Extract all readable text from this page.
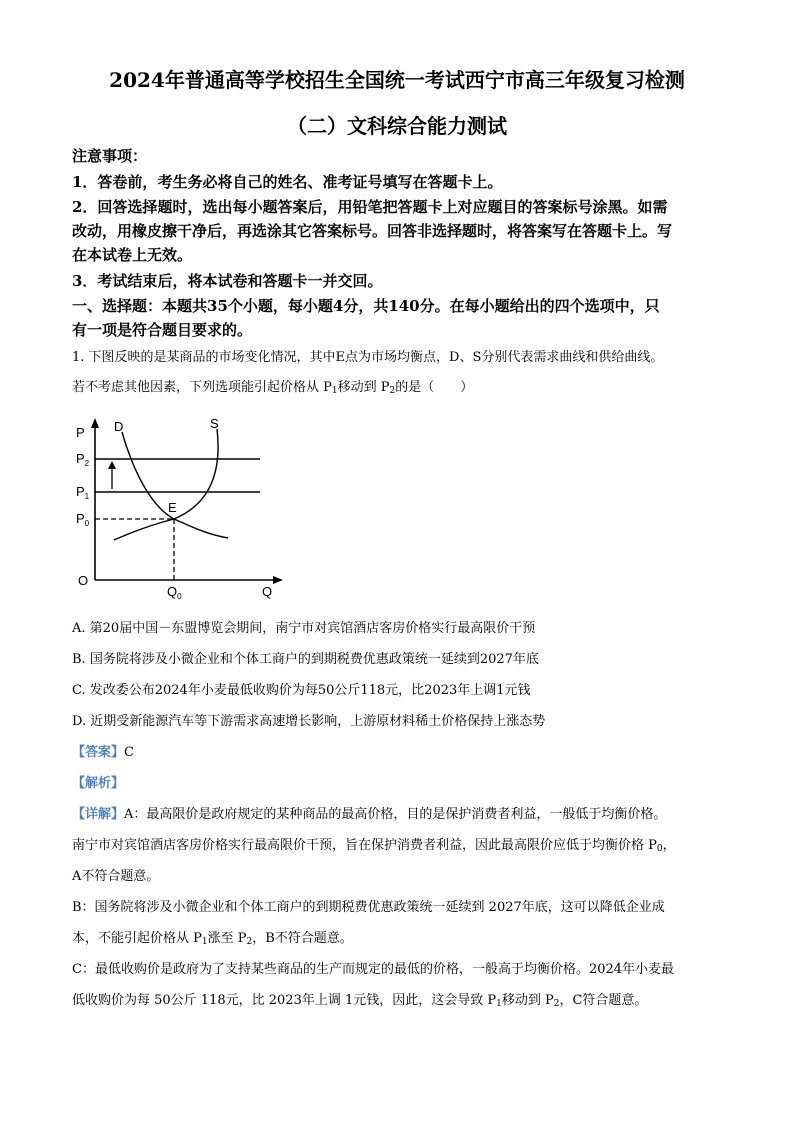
2024年普通高等学校招生全国统一考试西宁市高三年级复习检测
（二）文科综合能力测试

注意事项：

1．答卷前，考生务必将自己的姓名、准考证号填写在答题卡上。

2．回答选择题时，选出每小题答案后，用铅笔把答题卡上对应题目的答案标号涂黑。如需

改动，用橡皮擦干净后，再选涂其它答案标号。回答非选择题时，将答案写在答题卡上。写

在本试卷上无效。

3．考试结束后，将本试卷和答题卡一并交回。

一、选择题：本题共35个小题，每小题4分，共140分。在每小题给出的四个选项中，只

有一项是符合题目要求的。

1. 下图反映的是某商品的市场变化情况，其中E点为市场均衡点，D、S分别代表需求曲线和供给曲线。

若不考虑其他因素，下列选项能引起价格从 $P_1$移动到 $P_2$的是（　　）

P D	S
$P_2$
$P_1$
$P_0$
E
O
$Q_0$	Q

A. 第20届中国－东盟博览会期间，南宁市对宾馆酒店客房价格实行最高限价干预

B. 国务院将涉及小微企业和个体工商户的到期税费优惠政策统一延续到2027年底

C. 发改委公布2024年小麦最低收购价为每50公斤118元，比2023年上调1元钱

D. 近期受新能源汽车等下游需求高速增长影响，上游原材料稀土价格保持上涨态势

【答案】C

【解析】

【详解】A：最高限价是政府规定的某种商品的最高价格，目的是保护消费者利益，一般低于均衡价格。

南宁市对宾馆酒店客房价格实行最高限价干预，旨在保护消费者利益，因此最高限价应低于均衡价格 $P_0$，

A不符合题意。

B：国务院将涉及小微企业和个体工商户的到期税费优惠政策统一延续到 2027年底，这可以降低企业成

本，不能引起价格从 $P_1$涨至 $P_2$，B不符合题意。

C：最低收购价是政府为了支持某些商品的生产而规定的最低的价格，一般高于均衡价格。2024年小麦最

低收购价为每 50公斤 118元，比 2023年上调 1元钱，因此，这会导致 $P_1$移动到 $P_2$，C符合题意。
